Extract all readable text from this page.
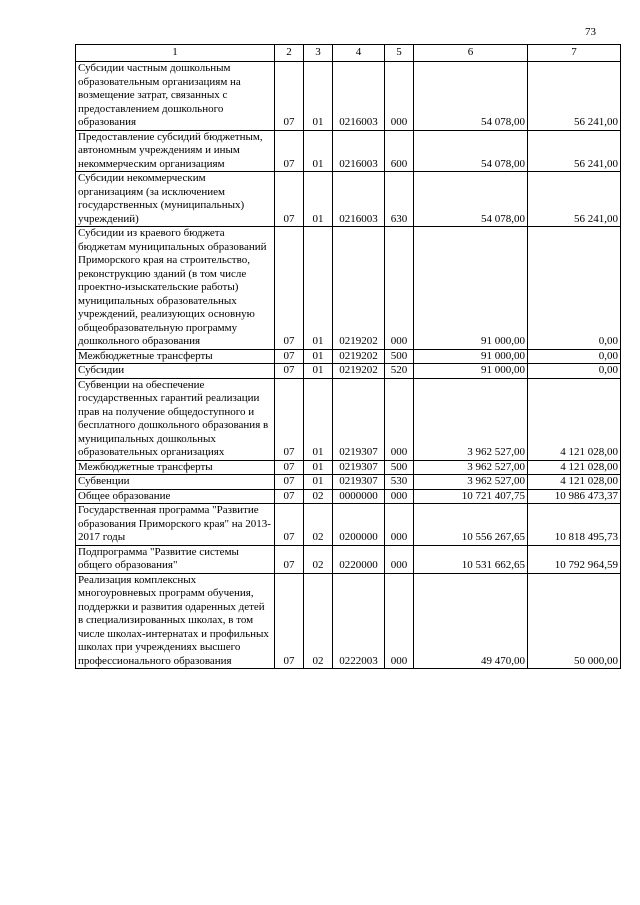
73
1	2	3	4	5	6	7
Субсидии частным дошкольным образовательным организациям на возмещение затрат, связанных с предоставлением дошкольного образования	07	01	0216003	000	54 078,00	56 241,00
Предоставление субсидий бюджетным, автономным учреждениям и иным некоммерческим организациям	07	01	0216003	600	54 078,00	56 241,00
Субсидии некоммерческим организациям (за исключением государственных (муниципальных) учреждений)	07	01	0216003	630	54 078,00	56 241,00
Субсидии из краевого бюджета бюджетам муниципальных образований Приморского края на строительство, реконструкцию зданий (в том числе проектно-изыскательские работы) муниципальных образовательных учреждений, реализующих основную общеобразовательную программу дошкольного образования	07	01	0219202	000	91 000,00	0,00
Межбюджетные трансферты	07	01	0219202	500	91 000,00	0,00
Субсидии	07	01	0219202	520	91 000,00	0,00
Субвенции на обеспечение государственных гарантий реализации прав на получение общедоступного и бесплатного дошкольного образования в муниципальных дошкольных образовательных организациях	07	01	0219307	000	3 962 527,00	4 121 028,00
Межбюджетные трансферты	07	01	0219307	500	3 962 527,00	4 121 028,00
Субвенции	07	01	0219307	530	3 962 527,00	4 121 028,00
Общее образование	07	02	0000000	000	10 721 407,75	10 986 473,37
Государственная программа "Развитие образования Приморского края" на 2013-2017 годы	07	02	0200000	000	10 556 267,65	10 818 495,73
Подпрограмма "Развитие системы общего образования"	07	02	0220000	000	10 531 662,65	10 792 964,59
Реализация комплексных многоуровневых программ обучения, поддержки и развития одаренных детей в специализированных школах, в том числе школах-интернатах и профильных школах при учреждениях высшего профессионального образования	07	02	0222003	000	49 470,00	50 000,00
